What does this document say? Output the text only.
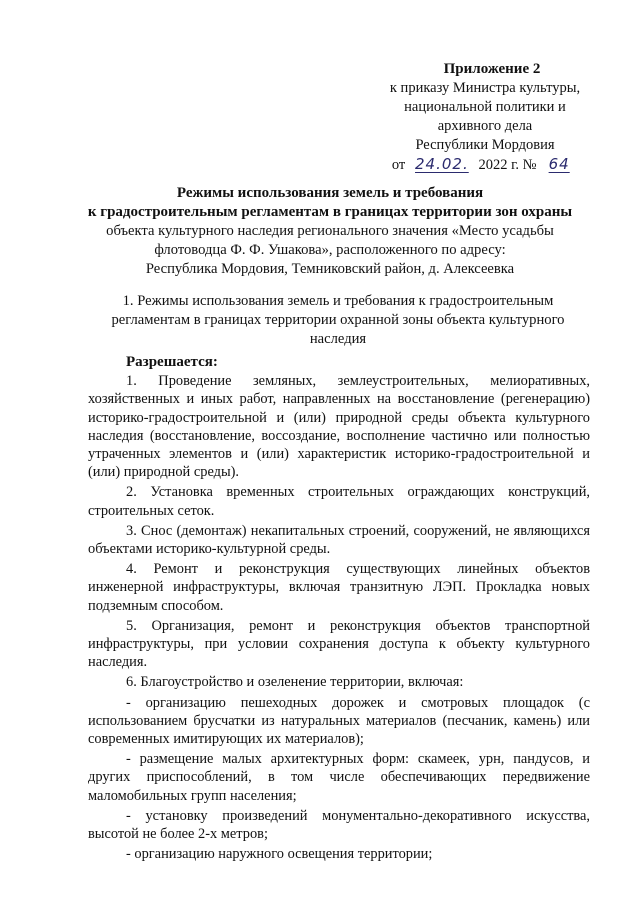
Приложение 2
к приказу Министра культуры,
национальной политики и
архивного дела
Республики Мордовия
от 24.02. 2022 г. № 64
Режимы использования земель и требования
к градостроительным регламентам в границах территории зон охраны
объекта культурного наследия регионального значения «Место усадьбы
флотоводца Ф. Ф. Ушакова», расположенного по адресу:
Республика Мордовия, Темниковский район, д. Алексеевка
1. Режимы использования земель и требования к градостроительным регламентам в границах территории охранной зоны объекта культурного наследия
Разрешается:

1. Проведение земляных, землеустроительных, мелиоративных, хозяйственных и иных работ, направленных на восстановление (регенерацию) историко-градостроительной и (или) природной среды объекта культурного наследия (восстановление, воссоздание, восполнение частично или полностью утраченных элементов и (или) характеристик историко-градостроительной и (или) природной среды).

2. Установка временных строительных ограждающих конструкций, строительных сеток.

3. Снос (демонтаж) некапитальных строений, сооружений, не являющихся объектами историко-культурной среды.

4. Ремонт и реконструкция существующих линейных объектов инженерной инфраструктуры, включая транзитную ЛЭП. Прокладка новых подземным способом.

5. Организация, ремонт и реконструкция объектов транспортной инфраструктуры, при условии сохранения доступа к объекту культурного наследия.

6. Благоустройство и озеленение территории, включая:

- организацию пешеходных дорожек и смотровых площадок (с использованием брусчатки из натуральных материалов (песчаник, камень) или современных имитирующих их материалов);

- размещение малых архитектурных форм: скамеек, урн, пандусов, и других приспособлений, в том числе обеспечивающих передвижение маломобильных групп населения;

- установку произведений монументально-декоративного искусства, высотой не более 2-х метров;

- организацию наружного освещения территории;
